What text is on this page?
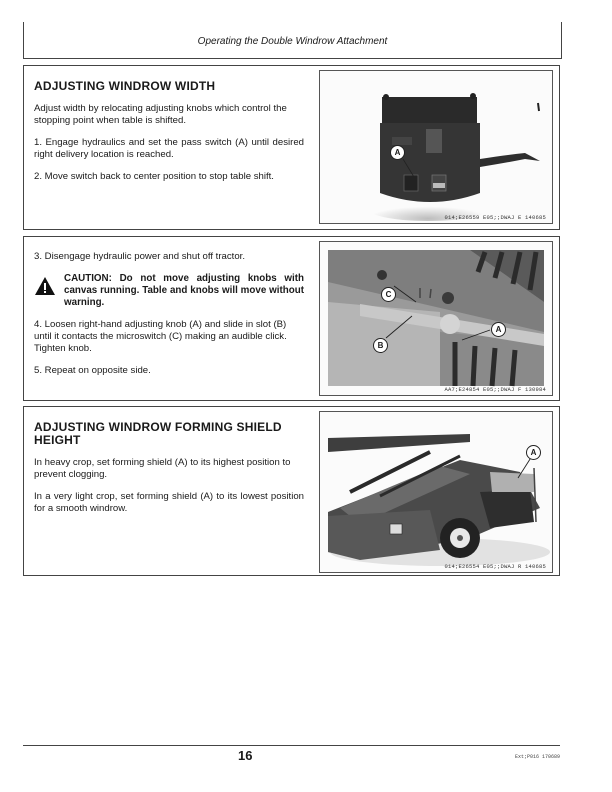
Operating the Double Windrow Attachment
ADJUSTING WINDROW WIDTH

Adjust width by relocating adjusting knobs which control the stopping point when table is shifted.

1. Engage hydraulics and set the pass switch (A) until desired right delivery location is reached.

2. Move switch back to center position to stop table shift.

A
014;E26559 E05;;DWAJ E 140685

3. Disengage hydraulic power and shut off tractor.

CAUTION: Do not move adjusting knobs with canvas running. Table and knobs will move without warning.

4. Loosen right-hand adjusting knob (A) and slide in slot (B) until it contacts the microswitch (C) making an audible click. Tighten knob.

5. Repeat on opposite side.

C
B
A
AA7;E24854 E05;;DWAJ F 130984
ADJUSTING WINDROW FORMING SHIELD HEIGHT

In heavy crop, set forming shield (A) to its highest position to prevent clogging.

In a very light crop, set forming shield (A) to its lowest position for a smooth windrow.

A
014;E26554 E05;;DWAJ R 140685
16	Ext;P016 170689
